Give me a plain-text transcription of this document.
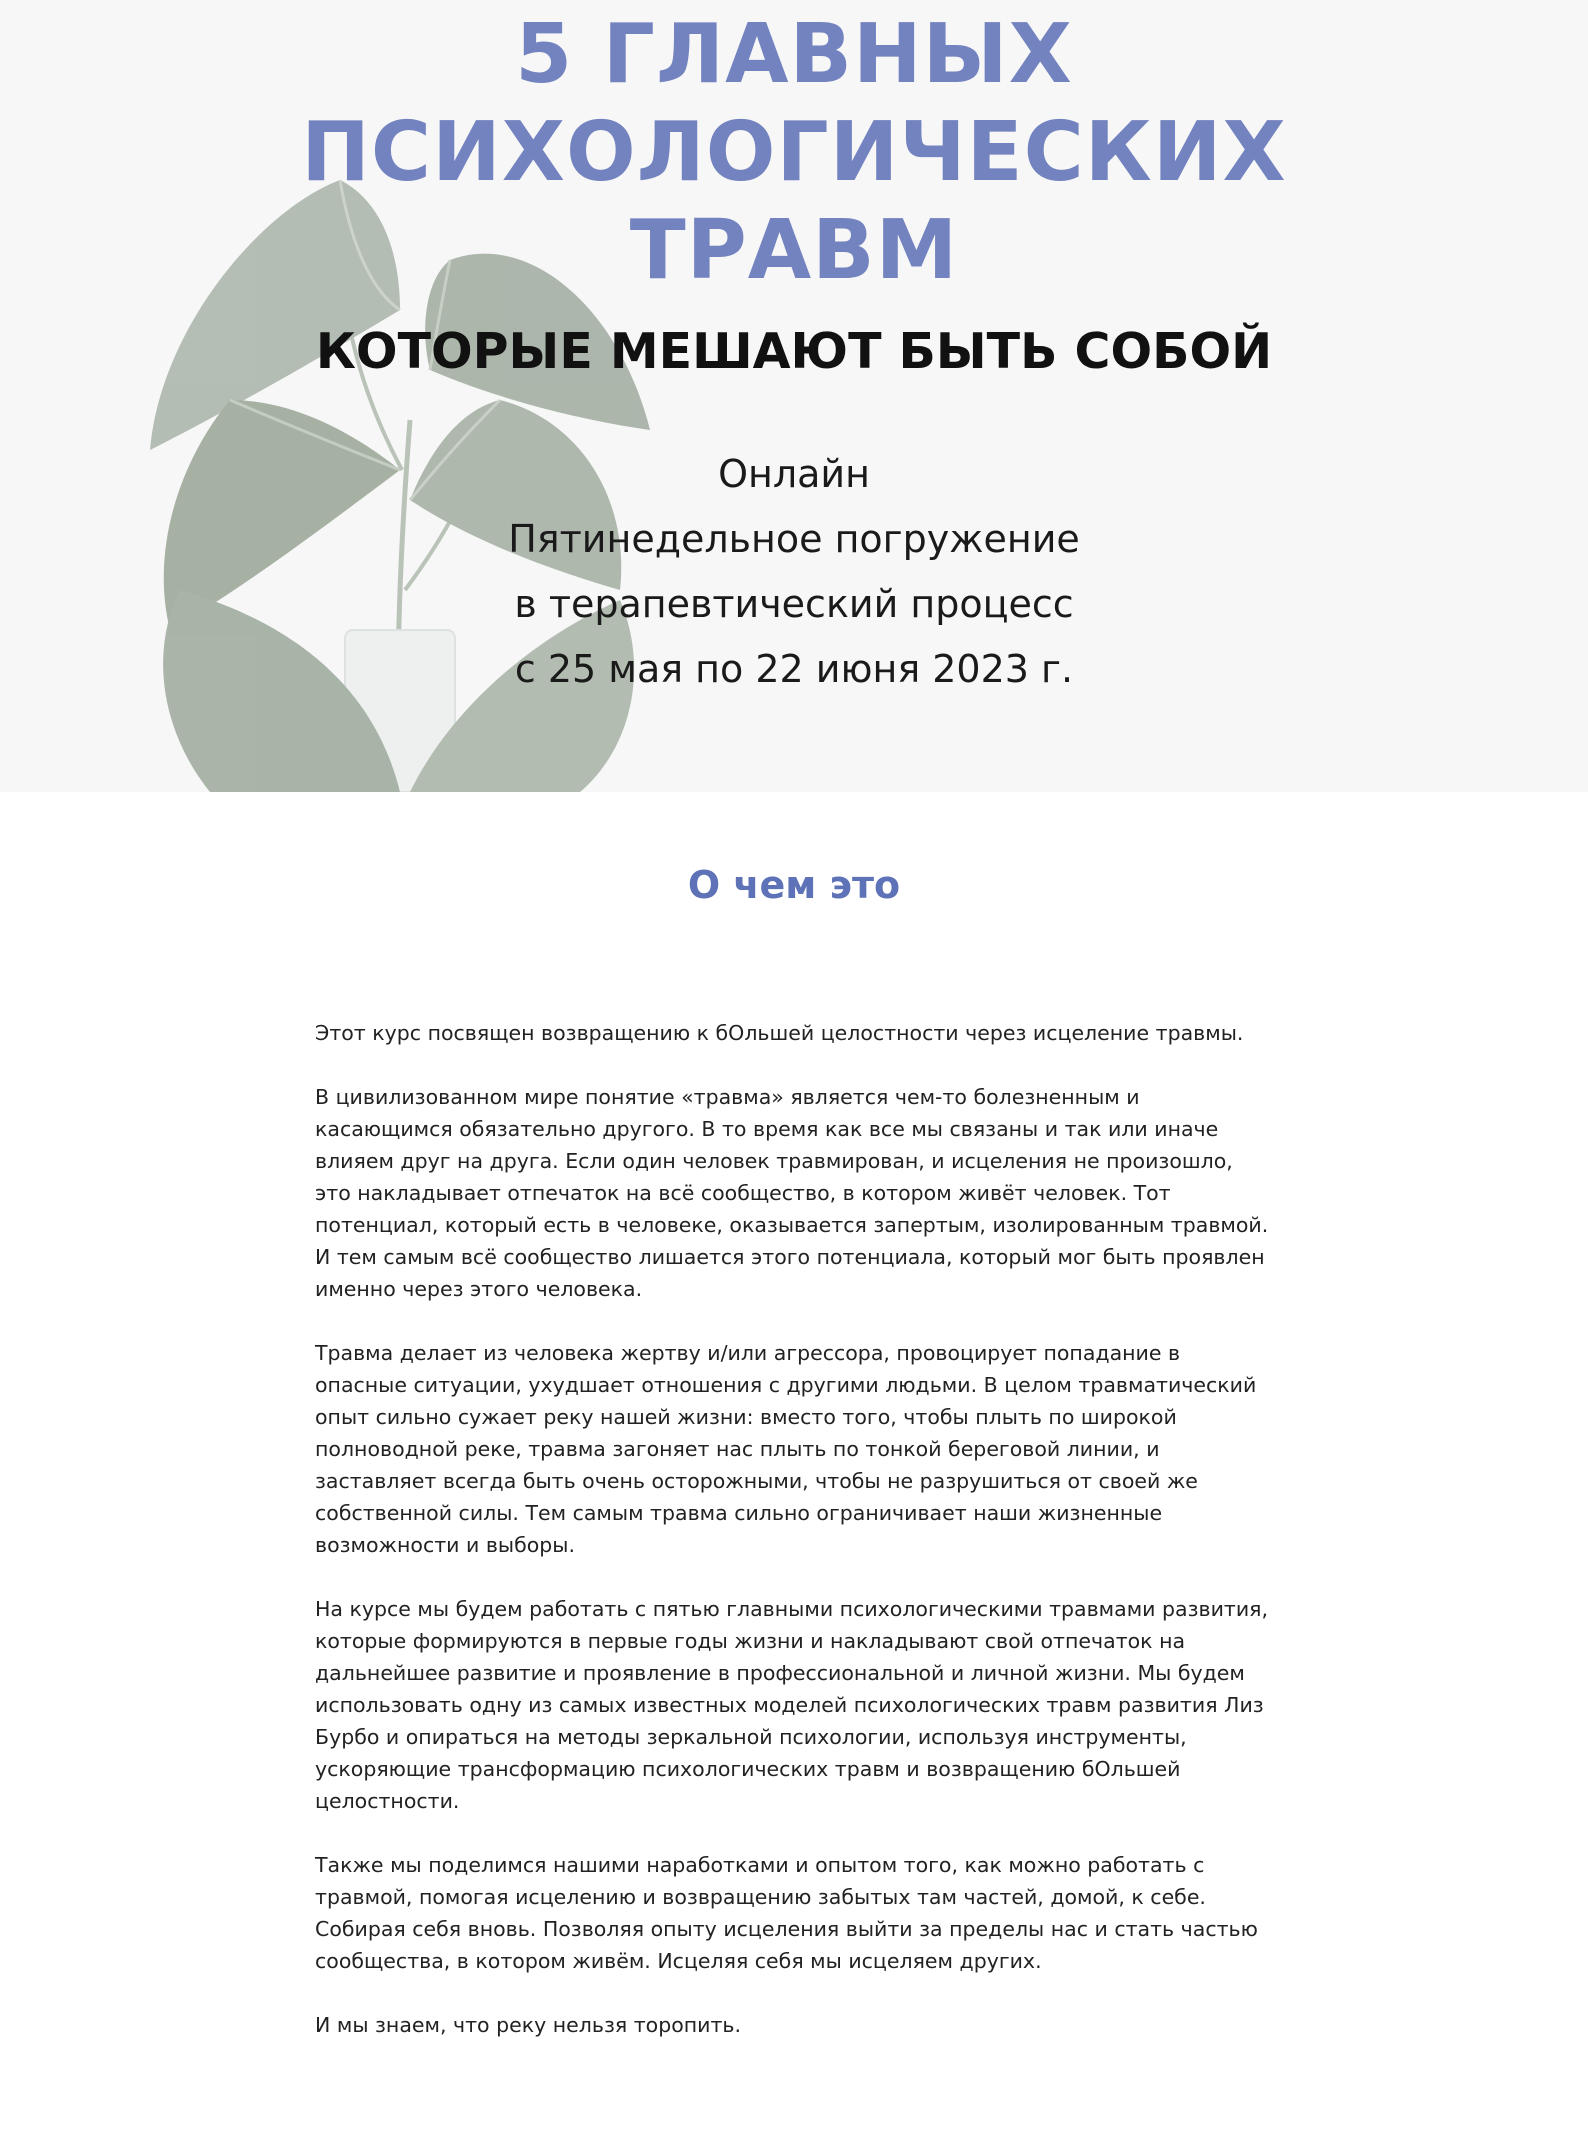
5 ГЛАВНЫХ
ПСИХОЛОГИЧЕСКИХ
ТРАВМ
КОТОРЫЕ МЕШАЮТ БЫТЬ СОБОЙ
Онлайн
Пятинедельное погружение
в терапевтический процесс
с 25 мая по 22 июня 2023 г.
О чем это

Этот курс посвящен возвращению к бОльшей целостности через исцеление травмы.

В цивилизованном мире понятие «травма» является чем-то болезненным и касающимся обязательно другого. В то время как все мы связаны и так или иначе влияем друг на друга. Если один человек травмирован, и исцеления не произошло, это накладывает отпечаток на всё сообщество, в котором живёт человек. Тот потенциал, который есть в человеке, оказывается запертым, изолированным травмой. И тем самым всё сообщество лишается этого потенциала, который мог быть проявлен именно через этого человека.

Травма делает из человека жертву и/или агрессора, провоцирует попадание в опасные ситуации, ухудшает отношения с другими людьми. В целом травматический опыт сильно сужает реку нашей жизни: вместо того, чтобы плыть по широкой полноводной реке, травма загоняет нас плыть по тонкой береговой линии, и заставляет всегда быть очень осторожными, чтобы не разрушиться от своей же собственной силы. Тем самым травма сильно ограничивает наши жизненные возможности и выборы.

На курсе мы будем работать с пятью главными психологическими травмами развития, которые формируются в первые годы жизни и накладывают свой отпечаток на дальнейшее развитие и проявление в профессиональной и личной жизни. Мы будем использовать одну из самых известных моделей психологических травм развития Лиз Бурбо и опираться на методы зеркальной психологии, используя инструменты, ускоряющие трансформацию психологических травм и возвращению бОльшей целостности.

Также мы поделимся нашими наработками и опытом того, как можно работать с травмой, помогая исцелению и возвращению забытых там частей, домой, к себе. Собирая себя вновь. Позволяя опыту исцеления выйти за пределы нас и стать частью сообщества, в котором живём. Исцеляя себя мы исцеляем других.

И мы знаем, что реку нельзя торопить.
